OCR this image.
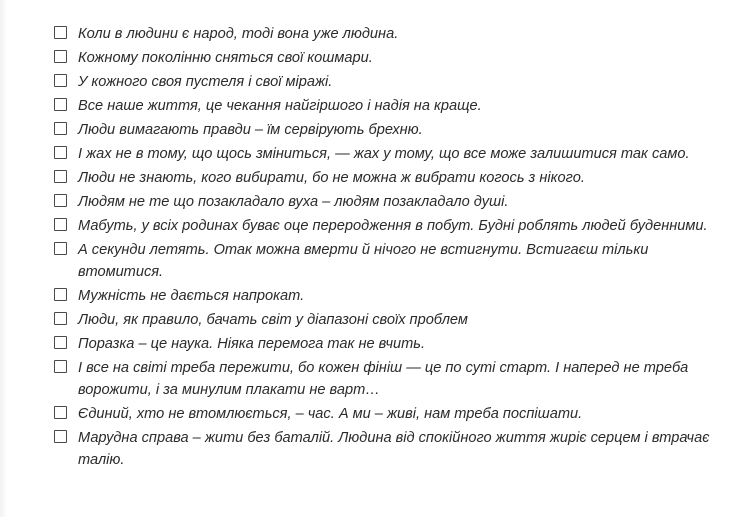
Коли в людини є народ, тоді вона уже людина.
Кожному поколінню сняться свої кошмари.
У кожного своя пустеля і свої міражі.
Все наше життя, це чекання найгіршого і надія на краще.
Люди вимагають правди – їм сервірують брехню.
І жах не в тому, що щось зміниться, — жах у тому, що все може залишитися так само.
Люди не знають, кого вибирати, бо не можна ж вибрати когось з нікого.
Людям не те що позакладало вуха – людям позакладало душі.
Мабуть, у всіх родинах буває оце переродження в побут. Будні роблять людей буденними.
А секунди летять. Отак можна вмерти й нічого не встигнути. Встигаєш тільки втомитися.
Мужність не дається напрокат.
Люди, як правило, бачать світ у діапазоні своїх проблем
Поразка – це наука. Ніяка перемога так не вчить.
І все на світі треба пережити, бо кожен фініш — це по суті старт. І наперед не треба ворожити, і за минулим плакати не варт…
Єдиний, хто не втомлюється, – час. А ми – живі, нам треба поспішати.
Марудна справа – жити без баталій. Людина від спокійного життя жиріє серцем і втрачає талію.
